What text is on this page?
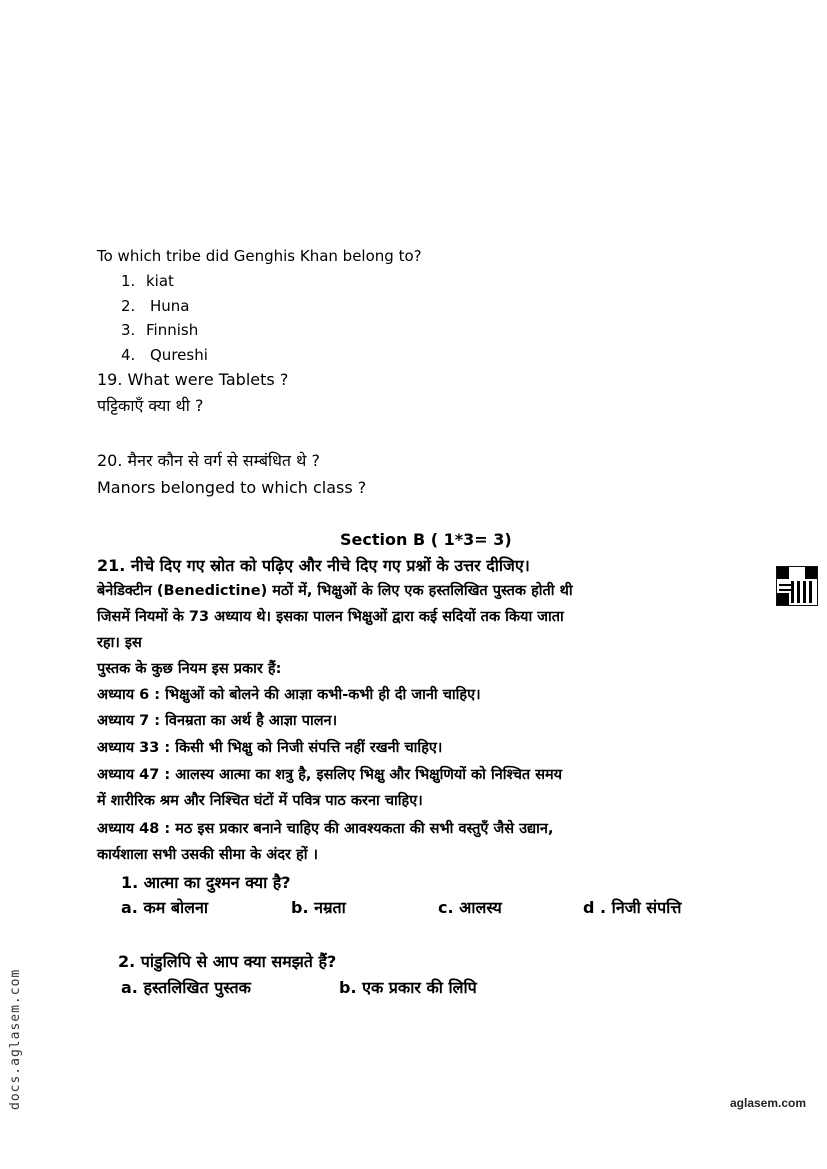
To which tribe did Genghis Khan belong to?
1. kiat
2. Huna
3. Finnish
4. Qureshi
19. What were Tablets ?
पट्टिकाएँ क्या थी ?
20. मैनर कौन से वर्ग से सम्बंधित थे ?
Manors belonged to which class ?
Section B ( 1*3= 3)
21. नीचे दिए गए स्रोत को पढ़िए और नीचे दिए गए प्रश्नों के उत्तर दीजिए।
बेनेडिक्टीन (Benedictine) मठों में, भिक्षुओं के लिए एक हस्तलिखित पुस्तक होती थी
जिसमें नियमों के 73 अध्याय थे। इसका पालन भिक्षुओं द्वारा कई सदियों तक किया जाता
रहा। इस
पुस्तक के कुछ नियम इस प्रकार हैं:
अध्याय 6 : भिक्षुओं को बोलने की आज्ञा कभी-कभी ही दी जानी चाहिए।
अध्याय 7 : विनम्रता का अर्थ है आज्ञा पालन।
अध्याय 33 : किसी भी भिक्षु को निजी संपत्ति नहीं रखनी चाहिए।
अध्याय 47 : आलस्य आत्मा का शत्रु है, इसलिए भिक्षु और भिक्षुणियों को निश्चित समय
में शारीरिक श्रम और निश्चित घंटों में पवित्र पाठ करना चाहिए।
अध्याय 48 : मठ इस प्रकार बनाने चाहिए की आवश्यकता की सभी वस्तुएँ जैसे उद्यान,
कार्यशाला सभी उसकी सीमा के अंदर हों ।
1. आत्मा का दुश्मन क्या है?
a. कम बोलना	b. नम्रता	c. आलस्य	d . निजी संपत्ति
2. पांडुलिपि से आप क्या समझते हैं?
a. हस्तलिखित पुस्तक	b. एक प्रकार की लिपि
docs.aglasem.com	aglasem.com
